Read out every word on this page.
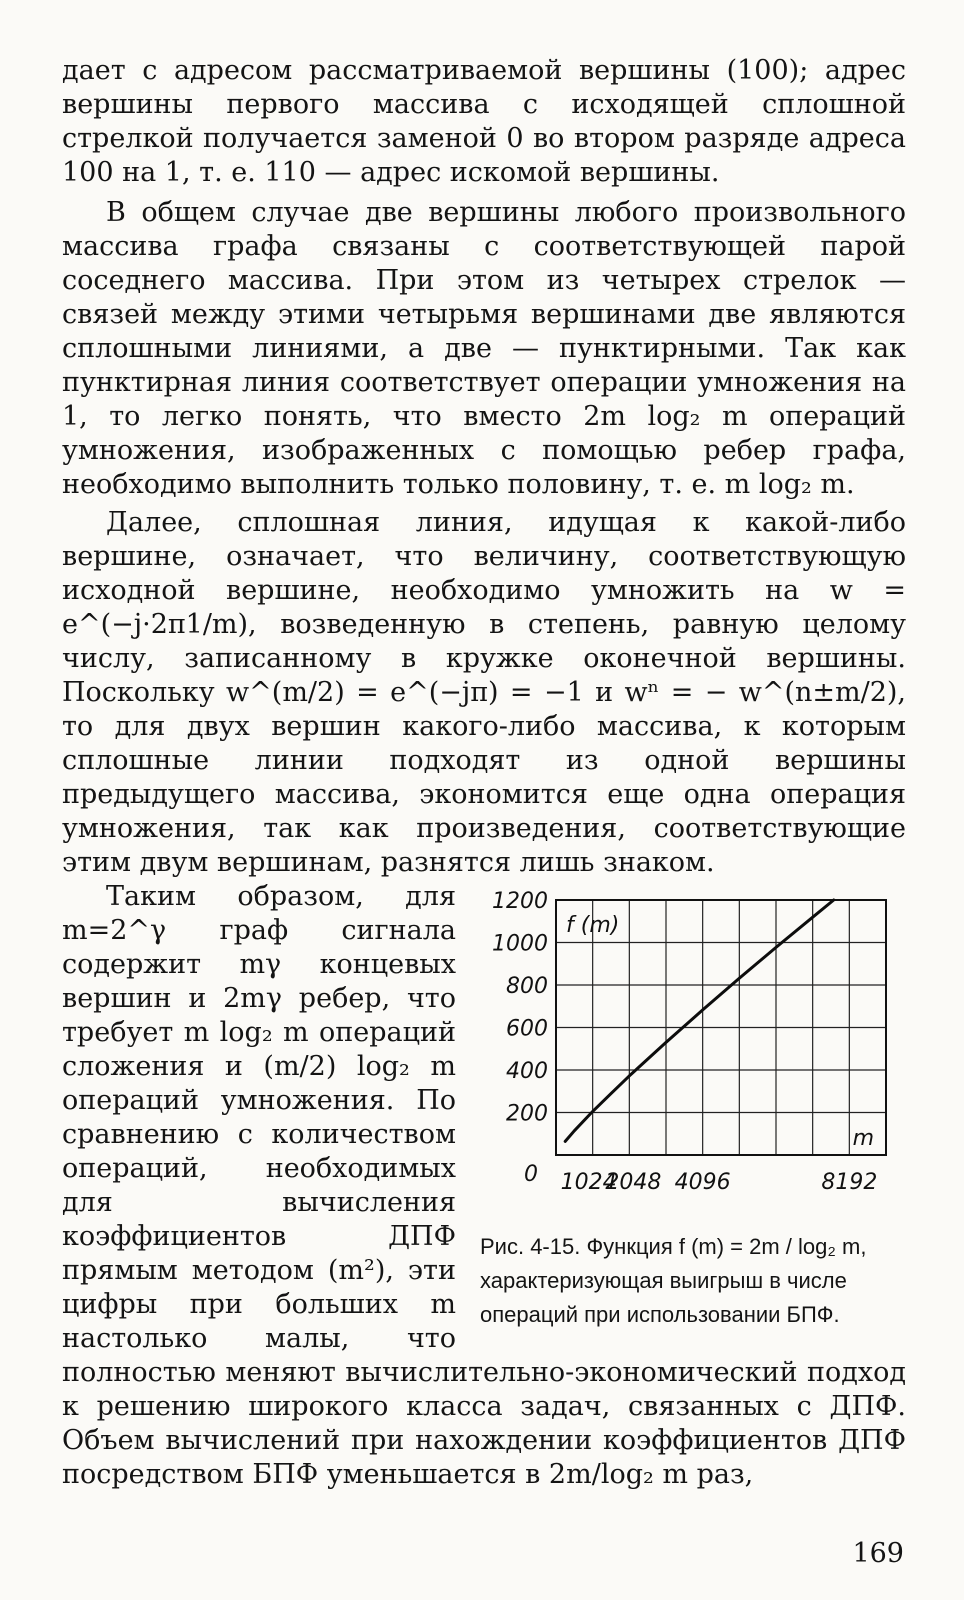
дает с адресом рассматриваемой вершины (100); адрес вершины первого массива с исходящей сплошной стрелкой получается заменой 0 во втором разряде адреса 100 на 1, т. е. 110 — адрес искомой вершины.

В общем случае две вершины любого произвольного массива графа связаны с соответствующей парой соседнего массива. При этом из четырех стрелок — связей между этими четырьмя вершинами две являются сплошными линиями, а две — пунктирными. Так как пунктирная линия соответствует операции умножения на 1, то легко понять, что вместо 2m log₂ m операций умножения, изображенных с помощью ребер графа, необходимо выполнить только половину, т. е. m log₂ m.

Далее, сплошная линия, идущая к какой-либо вершине, означает, что величину, соответствующую исходной вершине, необходимо умножить на w = e^(−j·2π1/m), возведенную в степень, равную целому числу, записанному в кружке оконечной вершины. Поскольку w^(m/2) = e^(−jπ) = −1 и wⁿ = − w^(n±m/2), то для двух вершин какого-либо массива, к которым сплошные линии подходят из одной вершины предыдущего массива, экономится еще одна операция умножения, так как произведения, соответствующие этим двум вершинам, разнятся лишь знаком.

0
200
400
600
800
1000
1200
1024
2048 4096	8192
f (m)
m
Рис. 4-15. Функция f (m) = 2m / log₂ m,
характеризующая выигрыш в числе операций при использовании БПФ.

Таким образом, для m=2^γ граф сигнала содержит mγ концевых вершин и 2mγ ребер, что требует m log₂ m операций сложения и (m/2) log₂ m операций умножения. По сравнению с количеством операций, необходимых для вычисления коэффициентов ДПФ прямым методом (m²), эти цифры при больших m настолько малы, что полностью меняют вычислительно-экономический подход к решению широкого класса задач, связанных с ДПФ. Объем вычислений при нахождении коэффициентов ДПФ посредством БПФ уменьшается в 2m/log₂ m раз,

169
